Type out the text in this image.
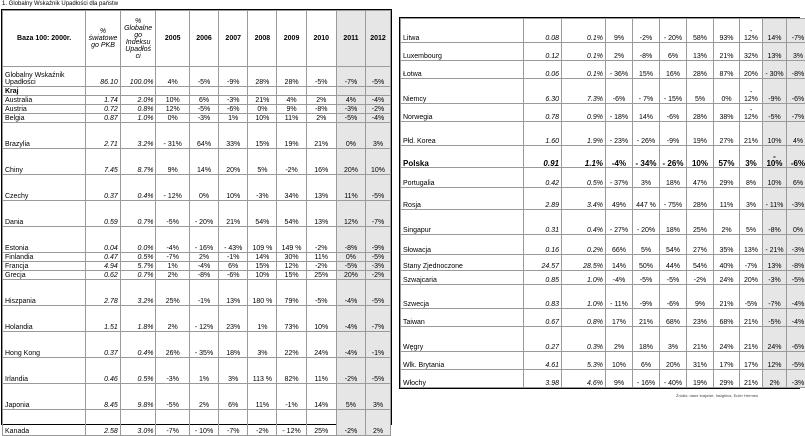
1. Globalny Wskaźnik Upadłości dla państw
Baza 100: 2000r.	% światowe go PKB	% Globalne go Indeksu Upadłoś ci	2005	2006	2007	2008	2009	2010	2011	2012
Globalny Wskaźnik Upadłości	86.10	100.0%	4%	-5%	-9%	28%	28%	-5%	-7%	-5%
Kraj										
Australia	1.74	2.0%	10%	6%	-3%	21%	4%	2%	4%	-4%
Austria	0.72	0.8%	12%	-5%	-6%	0%	9%	-8%	-3%	-2%
Belgia	0.87	1.0%	0%	-3%	1%	10%	11%	2%	-5%	-4%
Brazylia	2.71	3.2%	- 31%	64%	33%	15%	19%	21%	0%	3%
Chiny	7.45	8.7%	9%	14%	20%	5%	-2%	16%	20%	10%
Czechy	0.37	0.4%	- 12%	0%	10%	-3%	34%	13%	11%	-5%
Dania	0.59	0.7%	-5%	- 20%	21%	54%	54%	13%	12%	-7%
Estonia	0.04	0.0%	-4%	- 16%	- 43%	109 %	149 %	-2%	-8%	-9%
Finlandia	0.47	0.5%	-7%	2%	-1%	14%	30%	11%	0%	-5%
Francja	4.94	5.7%	1%	-4%	6%	15%	12%	-2%	-5%	-3%
Grecja	0.62	0.7%	2%	-8%	-6%	10%	15%	25%	20%	-2%
Hiszpania	2.78	3.2%	25%	-1%	13%	180 %	79%	-5%	-4%	-5%
Holandia	1.51	1.8%	2%	- 12%	23%	1%	73%	10%	-4%	-7%
Hong Kong	0.37	0.4%	26%	- 35%	18%	3%	22%	24%	-4%	-1%
Irlandia	0.46	0.5%	-3%	1%	3%	113 %	82%	11%	-2%	-5%
Japonia	8.45	9.8%	-5%	2%	6%	11%	-1%	14%	5%	3%
Kanada	2.58	3.0%	-7%	- 10%	-7%	-2%	- 12%	25%	-2%	2%
Litwa	0.08	0.1%	9%	-2%	- 20%	58%	93%	- 12%	14%	-7%
Luxembourg	0.12	0.1%	2%	-8%	6%	13%	21%	32%	13%	3%
Łotwa	0.06	0.1%	- 36%	15%	16%	28%	87%	20%	- 30%	-8%
Niemcy	6.30	7.3%	-6%	- 7%	- 15%	5%	0%	- 12%	-9%	-6%
Norwegia	0.78	0.9%	- 18%	14%	-6%	28%	38%	- 12%	-5%	-7%
Płd. Korea	1.60	1.9%	- 23%	- 26%	-9%	19%	27%	21%	10%	4%
Polska	0.91	1.1%	-4%	- 34%	- 26%	10%	57%	3%	- 10%	-6%
Portugalia	0.42	0.5%	- 37%	3%	18%	47%	29%	8%	10%	6%
Rosja	2.89	3.4%	49%	447 %	- 75%	28%	11%	3%	- 11%	-3%
Singapur	0.31	0.4%	- 27%	- 20%	18%	25%	2%	5%	-8%	0%
Słowacja	0.16	0.2%	66%	5%	54%	27%	35%	13%	- 21%	-3%
Stany Zjednoczone	24.57	28.5%	14%	50%	44%	54%	40%	-7%	13%	-8%
Szwajcaria	0.85	1.0%	-4%	-5%	-5%	-2%	24%	20%	-3%	-5%
Szwecja	0.83	1.0%	- 11%	-9%	-6%	9%	21%	-5%	-7%	-4%
Taiwan	0.67	0.8%	17%	21%	68%	23%	68%	21%	-5%	-4%
Węgry	0.27	0.3%	2%	18%	3%	21%	24%	21%	24%	-6%
Wlk. Brytania	4.61	5.3%	10%	6%	20%	31%	17%	17%	12%	-5%
Włochy	3.98	4.6%	9%	- 16%	- 40%	19%	29%	21%	2%	-3%
Źródło: dane krajowe, Insightcs, Euler Hermes
